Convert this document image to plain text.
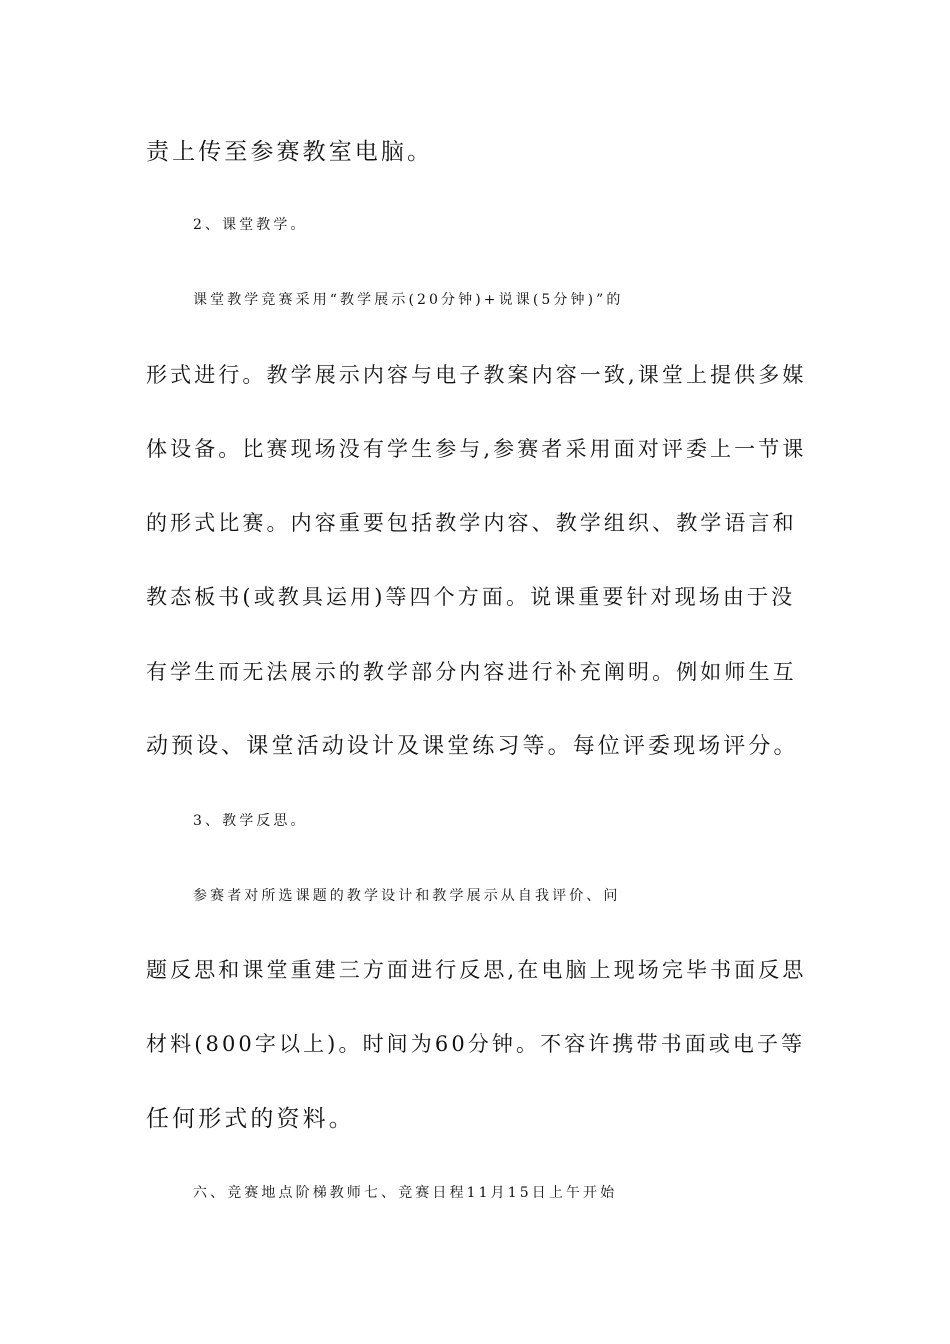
责上传至参赛教室电脑。
2、课堂教学。
课堂教学竞赛采用“教学展示(20分钟)+说课(5分钟)”的
形式进行。教学展示内容与电子教案内容一致,课堂上提供多媒
体设备。比赛现场没有学生参与,参赛者采用面对评委上一节课
的形式比赛。内容重要包括教学内容、教学组织、教学语言和
教态板书(或教具运用)等四个方面。说课重要针对现场由于没
有学生而无法展示的教学部分内容进行补充阐明。例如师生互
动预设、课堂活动设计及课堂练习等。每位评委现场评分。
3、教学反思。
参赛者对所选课题的教学设计和教学展示从自我评价、问
题反思和课堂重建三方面进行反思,在电脑上现场完毕书面反思
材料(800字以上)。时间为60分钟。不容许携带书面或电子等
任何形式的资料。
六、竞赛地点阶梯教师七、竞赛日程11月15日上午开始
